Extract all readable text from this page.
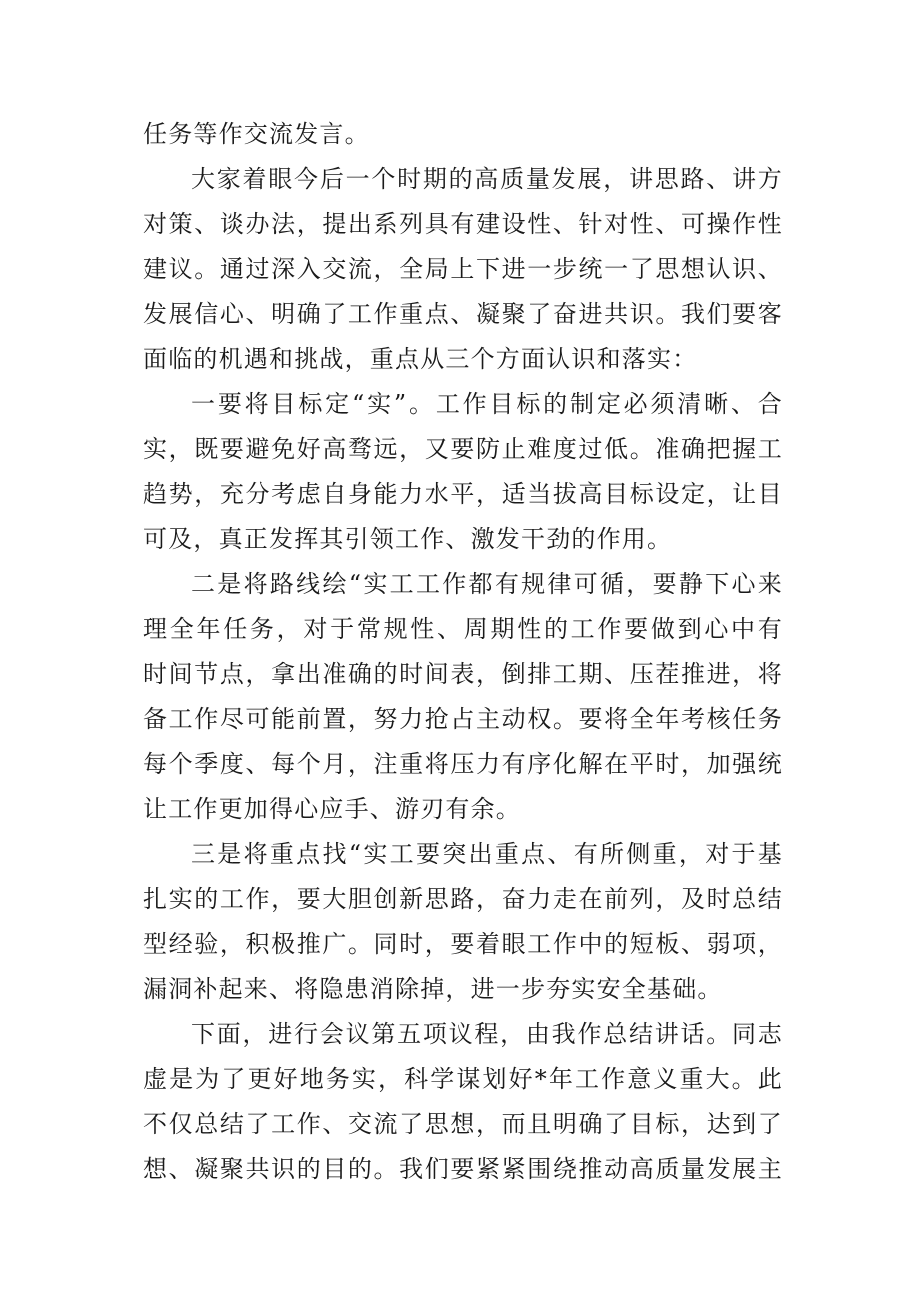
任务等作交流发言。
大家着眼今后一个时期的高质量发展，讲思路、讲方
对策、谈办法，提出系列具有建设性、针对性、可操作性
建议。通过深入交流，全局上下进一步统一了思想认识、
发展信心、明确了工作重点、凝聚了奋进共识。我们要客
面临的机遇和挑战，重点从三个方面认识和落实：
一要将目标定“实”。工作目标的制定必须清晰、合
实，既要避免好高骛远，又要防止难度过低。准确把握工
趋势，充分考虑自身能力水平，适当拔高目标设定，让目
可及，真正发挥其引领工作、激发干劲的作用。
二是将路线绘“实工工作都有规律可循，要静下心来
理全年任务，对于常规性、周期性的工作要做到心中有
时间节点，拿出准确的时间表，倒排工期、压茬推进，将
备工作尽可能前置，努力抢占主动权。要将全年考核任务
每个季度、每个月，注重将压力有序化解在平时，加强统
让工作更加得心应手、游刃有余。
三是将重点找“实工要突出重点、有所侧重，对于基
扎实的工作，要大胆创新思路，奋力走在前列，及时总结
型经验，积极推广。同时，要着眼工作中的短板、弱项，
漏洞补起来、将隐患消除掉，进一步夯实安全基础。
下面，进行会议第五项议程，由我作总结讲话。同志
虚是为了更好地务实，科学谋划好*年工作意义重大。此
不仅总结了工作、交流了思想，而且明确了目标，达到了
想、凝聚共识的目的。我们要紧紧围绕推动高质量发展主
